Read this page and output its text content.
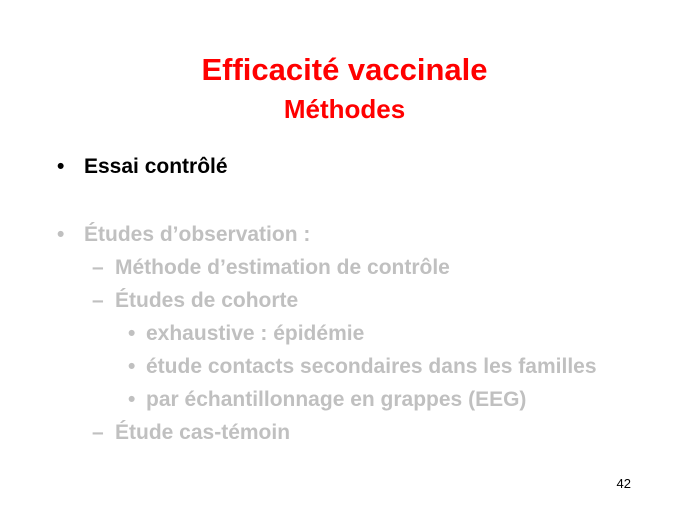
Efficacité vaccinale
Méthodes
• Essai contrôlé
• Études d’observation :
– Méthode d’estimation de contrôle
– Études de cohorte
• exhaustive : épidémie
• étude contacts secondaires dans les familles
• par échantillonnage en grappes (EEG)
– Étude cas-témoin
42
